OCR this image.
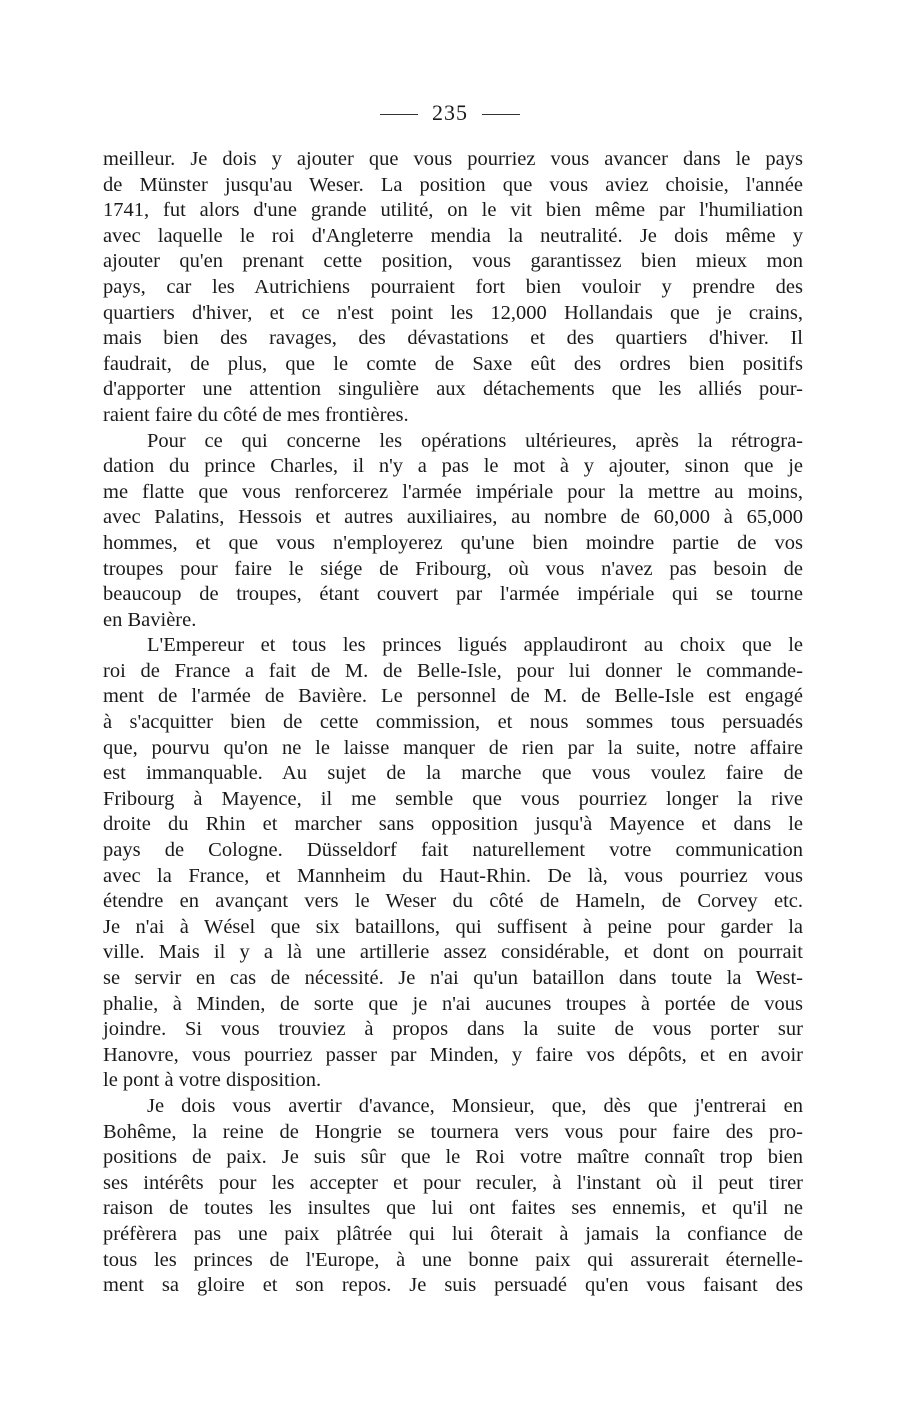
235
meilleur. Je dois y ajouter que vous pourriez vous avancer dans le pays
de Münster jusqu'au Weser. La position que vous aviez choisie, l'année
1741, fut alors d'une grande utilité, on le vit bien même par l'humiliation
avec laquelle le roi d'Angleterre mendia la neutralité. Je dois même y
ajouter qu'en prenant cette position, vous garantissez bien mieux mon
pays, car les Autrichiens pourraient fort bien vouloir y prendre des
quartiers d'hiver, et ce n'est point les 12,000 Hollandais que je crains,
mais bien des ravages, des dévastations et des quartiers d'hiver. Il
faudrait, de plus, que le comte de Saxe eût des ordres bien positifs
d'apporter une attention singulière aux détachements que les alliés pour-
raient faire du côté de mes frontières.
Pour ce qui concerne les opérations ultérieures, après la rétrogra-
dation du prince Charles, il n'y a pas le mot à y ajouter, sinon que je
me flatte que vous renforcerez l'armée impériale pour la mettre au moins,
avec Palatins, Hessois et autres auxiliaires, au nombre de 60,000 à 65,000
hommes, et que vous n'employerez qu'une bien moindre partie de vos
troupes pour faire le siége de Fribourg, où vous n'avez pas besoin de
beaucoup de troupes, étant couvert par l'armée impériale qui se tourne
en Bavière.
L'Empereur et tous les princes ligués applaudiront au choix que le
roi de France a fait de M. de Belle-Isle, pour lui donner le commande-
ment de l'armée de Bavière. Le personnel de M. de Belle-Isle est engagé
à s'acquitter bien de cette commission, et nous sommes tous persuadés
que, pourvu qu'on ne le laisse manquer de rien par la suite, notre affaire
est immanquable. Au sujet de la marche que vous voulez faire de
Fribourg à Mayence, il me semble que vous pourriez longer la rive
droite du Rhin et marcher sans opposition jusqu'à Mayence et dans le
pays de Cologne. Düsseldorf fait naturellement votre communication
avec la France, et Mannheim du Haut-Rhin. De là, vous pourriez vous
étendre en avançant vers le Weser du côté de Hameln, de Corvey etc.
Je n'ai à Wésel que six bataillons, qui suffisent à peine pour garder la
ville. Mais il y a là une artillerie assez considérable, et dont on pourrait
se servir en cas de nécessité. Je n'ai qu'un bataillon dans toute la West-
phalie, à Minden, de sorte que je n'ai aucunes troupes à portée de vous
joindre. Si vous trouviez à propos dans la suite de vous porter sur
Hanovre, vous pourriez passer par Minden, y faire vos dépôts, et en avoir
le pont à votre disposition.
Je dois vous avertir d'avance, Monsieur, que, dès que j'entrerai en
Bohême, la reine de Hongrie se tournera vers vous pour faire des pro-
positions de paix. Je suis sûr que le Roi votre maître connaît trop bien
ses intérêts pour les accepter et pour reculer, à l'instant où il peut tirer
raison de toutes les insultes que lui ont faites ses ennemis, et qu'il ne
préfèrera pas une paix plâtrée qui lui ôterait à jamais la confiance de
tous les princes de l'Europe, à une bonne paix qui assurerait éternelle-
ment sa gloire et son repos. Je suis persuadé qu'en vous faisant des
